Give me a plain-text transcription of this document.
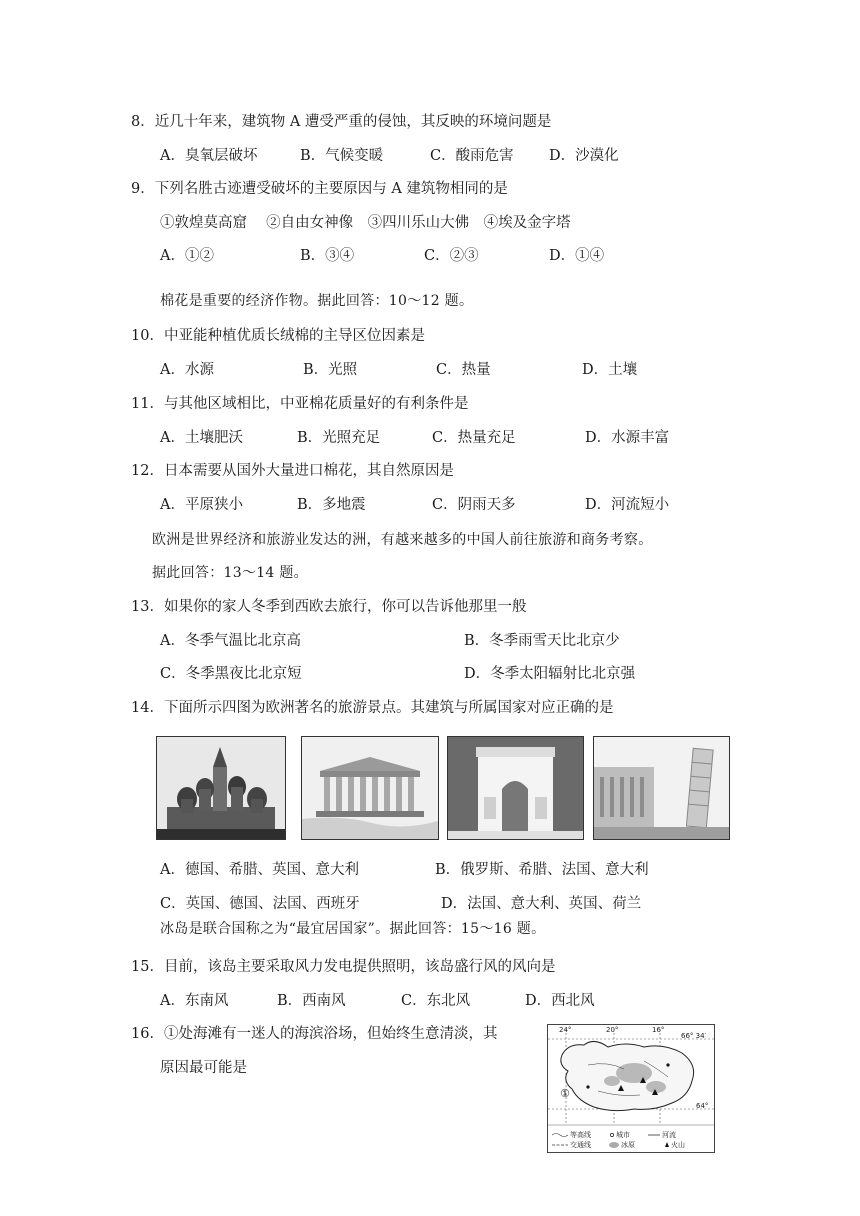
8．近几十年来，建筑物 A 遭受严重的侵蚀，其反映的环境问题是
A．臭氧层破坏	B．气候变暖	C．酸雨危害 D．沙漠化
9．下列名胜古迹遭受破坏的主要原因与 A 建筑物相同的是
①敦煌莫高窟　 ②自由女神像　③四川乐山大佛　④埃及金字塔
A．①②	B．③④	C．②③	D．①④
棉花是重要的经济作物。据此回答：10～12 题。
10．中亚能种植优质长绒棉的主导区位因素是
A．水源	B．光照	C．热量	D．土壤
11．与其他区域相比，中亚棉花质量好的有利条件是
A．土壤肥沃	B．光照充足	C．热量充足	D．水源丰富
12．日本需要从国外大量进口棉花，其自然原因是
A．平原狭小	B．多地震	C．阴雨天多	D．河流短小
欧洲是世界经济和旅游业发达的洲，有越来越多的中国人前往旅游和商务考察。
据此回答：13～14 题。
13．如果你的家人冬季到西欧去旅行，你可以告诉他那里一般
A．冬季气温比北京高	B．冬季雨雪天比北京少
C．冬季黑夜比北京短	D．冬季太阳辐射比北京强
14．下面所示四图为欧洲著名的旅游景点。其建筑与所属国家对应正确的是
A．德国、希腊、英国、意大利	B．俄罗斯、希腊、法国、意大利
C．英国、德国、法国、西班牙	D．法国、意大利、英国、荷兰
冰岛是联合国称之为“最宜居国家”。据此回答：15～16 题。
15．目前，该岛主要采取风力发电提供照明，该岛盛行风的风向是
A．东南风	B．西南风	C．东北风	D．西北风
16．①处海滩有一迷人的海滨浴场，但始终生意清淡，其
原因最可能是
24°	20°	16°
66° 34′
64°
①
等高线	城市	河流
交通线	冰原	火山
